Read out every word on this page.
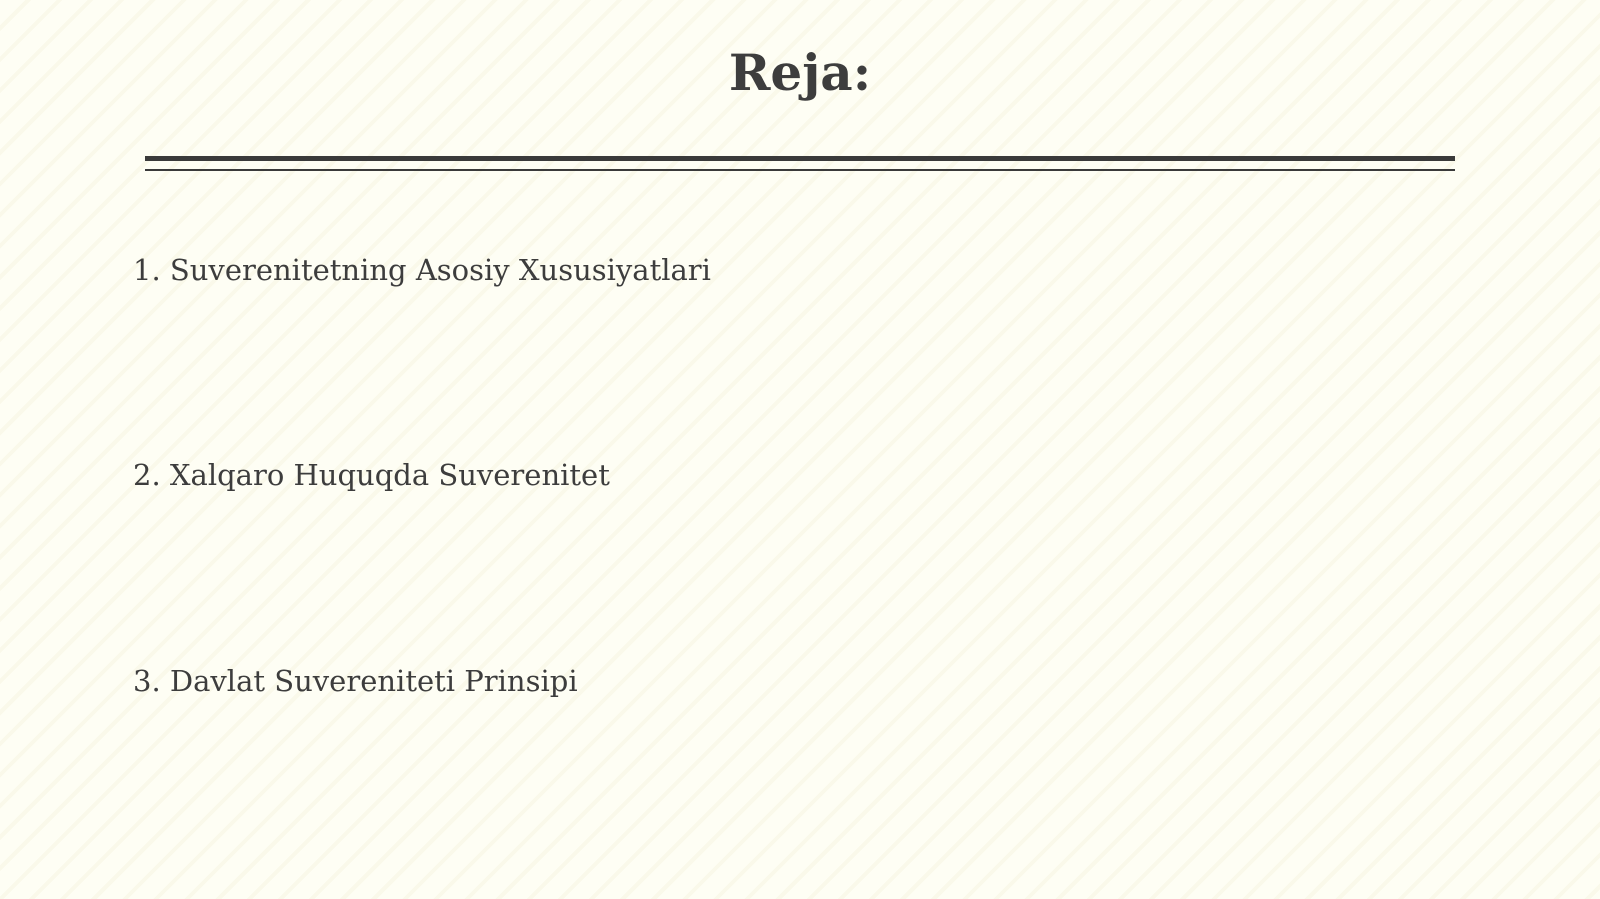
Reja:
1. Suverenitetning Asosiy Xususiyatlari
2. Xalqaro Huquqda Suverenitet
3. Davlat Suvereniteti Prinsipi
